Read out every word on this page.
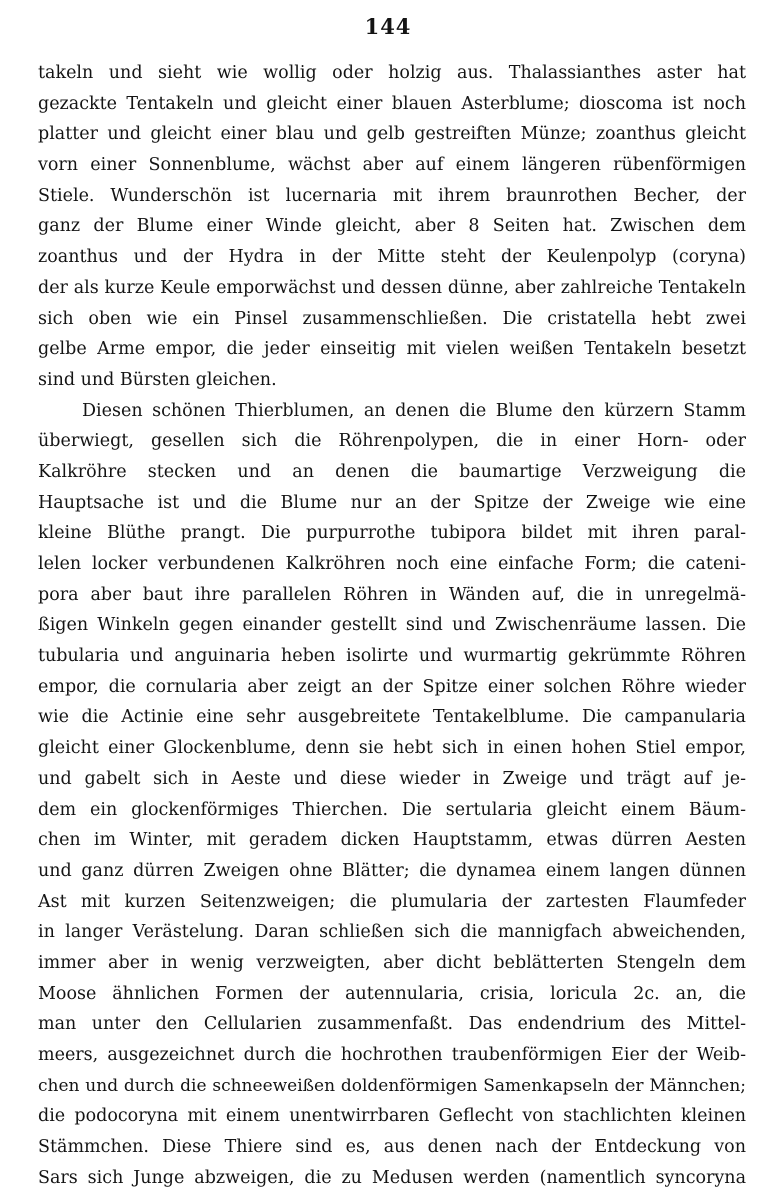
144
takeln und sieht wie wollig oder holzig aus. Thalassianthes aster hat
gezackte Tentakeln und gleicht einer blauen Asterblume; dioscoma ist noch
platter und gleicht einer blau und gelb gestreiften Münze; zoanthus gleicht
vorn einer Sonnenblume, wächst aber auf einem längeren rübenförmigen
Stiele. Wunderschön ist lucernaria mit ihrem braunrothen Becher, der
ganz der Blume einer Winde gleicht, aber 8 Seiten hat. Zwischen dem
zoanthus und der Hydra in der Mitte steht der Keulenpolyp (coryna)
der als kurze Keule emporwächst und dessen dünne, aber zahlreiche Tentakeln
sich oben wie ein Pinsel zusammenschließen. Die cristatella hebt zwei
gelbe Arme empor, die jeder einseitig mit vielen weißen Tentakeln besetzt
sind und Bürsten gleichen.
Diesen schönen Thierblumen, an denen die Blume den kürzern Stamm
überwiegt, gesellen sich die Röhrenpolypen, die in einer Horn- oder
Kalkröhre stecken und an denen die baumartige Verzweigung die
Hauptsache ist und die Blume nur an der Spitze der Zweige wie eine
kleine Blüthe prangt. Die purpurrothe tubipora bildet mit ihren paral-
lelen locker verbundenen Kalkröhren noch eine einfache Form; die cateni-
pora aber baut ihre parallelen Röhren in Wänden auf, die in unregelmä-
ßigen Winkeln gegen einander gestellt sind und Zwischenräume lassen. Die
tubularia und anguinaria heben isolirte und wurmartig gekrümmte Röhren
empor, die cornularia aber zeigt an der Spitze einer solchen Röhre wieder
wie die Actinie eine sehr ausgebreitete Tentakelblume. Die campanularia
gleicht einer Glockenblume, denn sie hebt sich in einen hohen Stiel empor,
und gabelt sich in Aeste und diese wieder in Zweige und trägt auf je-
dem ein glockenförmiges Thierchen. Die sertularia gleicht einem Bäum-
chen im Winter, mit geradem dicken Hauptstamm, etwas dürren Aesten
und ganz dürren Zweigen ohne Blätter; die dynamea einem langen dünnen
Ast mit kurzen Seitenzweigen; die plumularia der zartesten Flaumfeder
in langer Verästelung. Daran schließen sich die mannigfach abweichenden,
immer aber in wenig verzweigten, aber dicht beblätterten Stengeln dem
Moose ähnlichen Formen der autennularia, crisia, loricula 2c. an, die
man unter den Cellularien zusammenfaßt. Das endendrium des Mittel-
meers, ausgezeichnet durch die hochrothen traubenförmigen Eier der Weib-
chen und durch die schneeweißen doldenförmigen Samenkapseln der Männchen;
die podocoryna mit einem unentwirrbaren Geflecht von stachlichten kleinen
Stämmchen. Diese Thiere sind es, aus denen nach der Entdeckung von
Sars sich Junge abzweigen, die zu Medusen werden (namentlich syncoryna
